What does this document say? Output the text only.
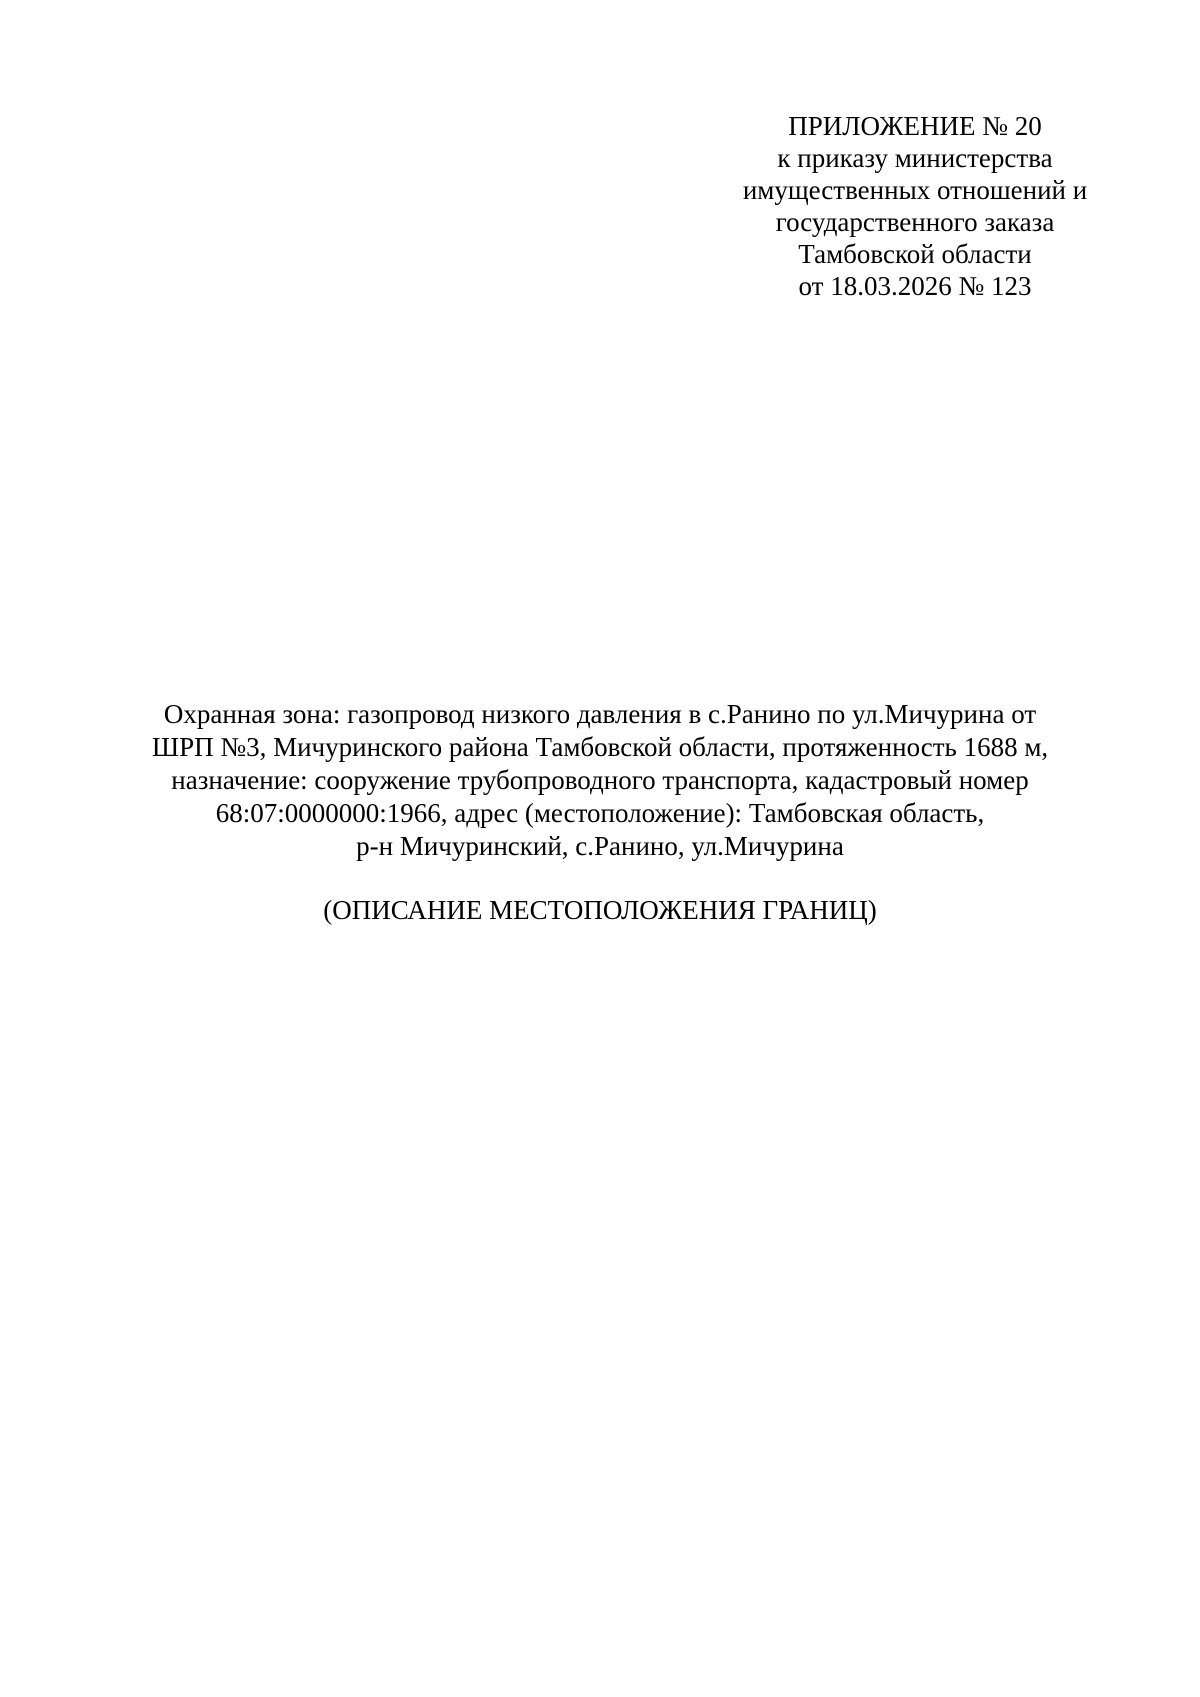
ПРИЛОЖЕНИЕ № 20
к приказу министерства
имущественных отношений и
государственного заказа
Тамбовской области
от 18.03.2026 № 123
Охранная зона: газопровод низкого давления в с.Ранино по ул.Мичурина от
ШРП №3, Мичуринского района Тамбовской области, протяженность 1688 м,
назначение: сооружение трубопроводного транспорта, кадастровый номер
68:07:0000000:1966, адрес (местоположение): Тамбовская область,
р-н Мичуринский, с.Ранино, ул.Мичурина
(ОПИСАНИЕ МЕСТОПОЛОЖЕНИЯ ГРАНИЦ)
